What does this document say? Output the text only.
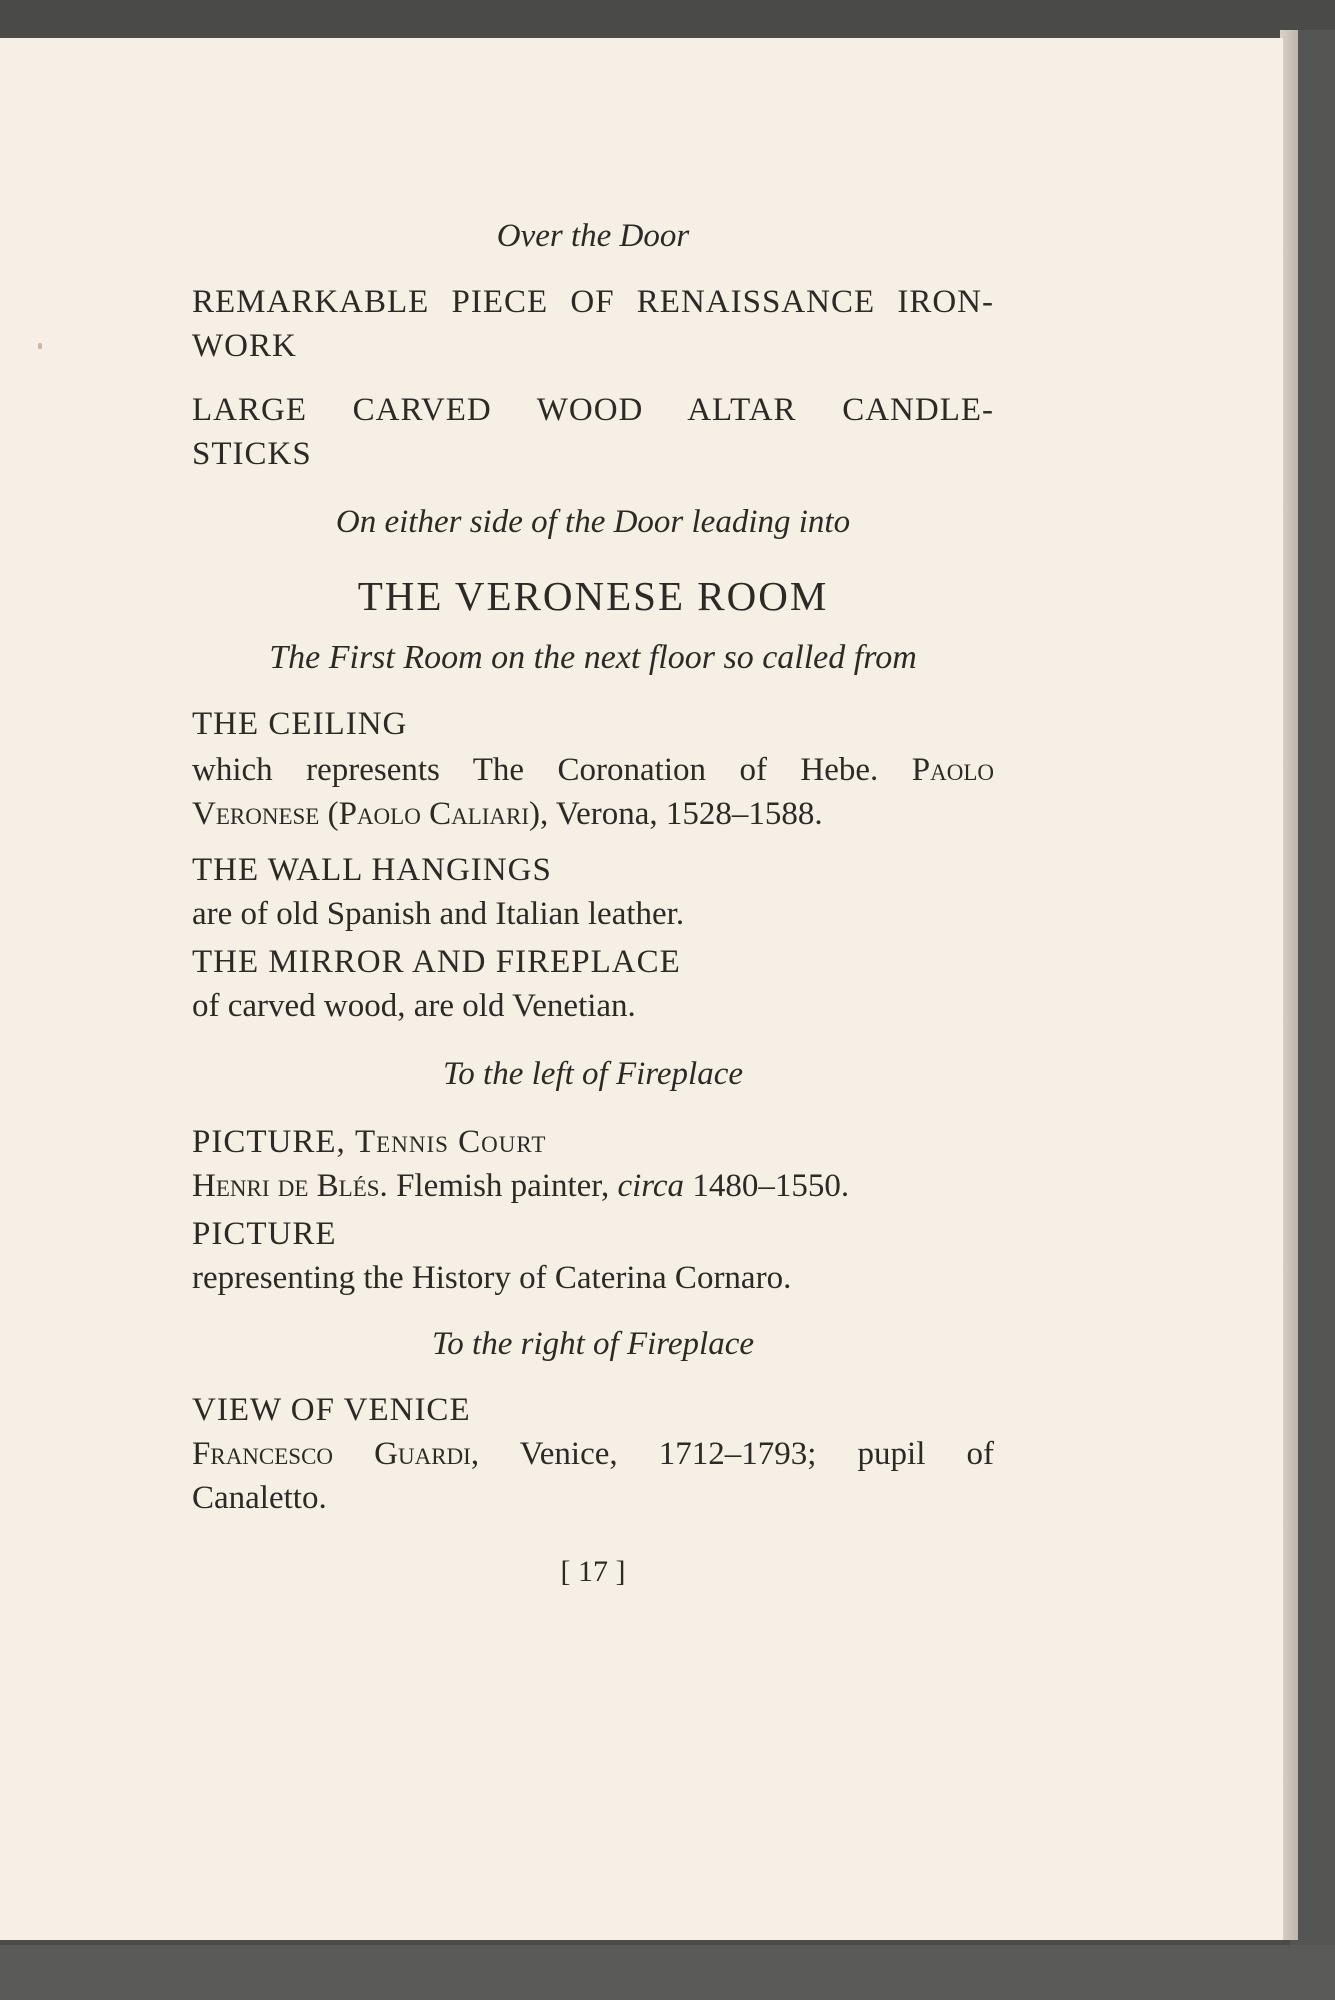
Over the Door
REMARKABLE PIECE OF RENAISSANCE IRON-
WORK
LARGE CARVED WOOD ALTAR CANDLE-
STICKS
On either side of the Door leading into
THE VERONESE ROOM
The First Room on the next floor so called from
THE CEILING
which represents The Coronation of Hebe. Paolo
Veronese (Paolo Caliari), Verona, 1528–1588.
THE WALL HANGINGS
are of old Spanish and Italian leather.
THE MIRROR AND FIREPLACE
of carved wood, are old Venetian.
To the left of Fireplace
PICTURE, Tennis Court
Henri de Blés. Flemish painter, circa 1480–1550.
PICTURE
representing the History of Caterina Cornaro.
To the right of Fireplace
VIEW OF VENICE
Francesco Guardi, Venice, 1712–1793; pupil of
Canaletto.
[ 17 ]
